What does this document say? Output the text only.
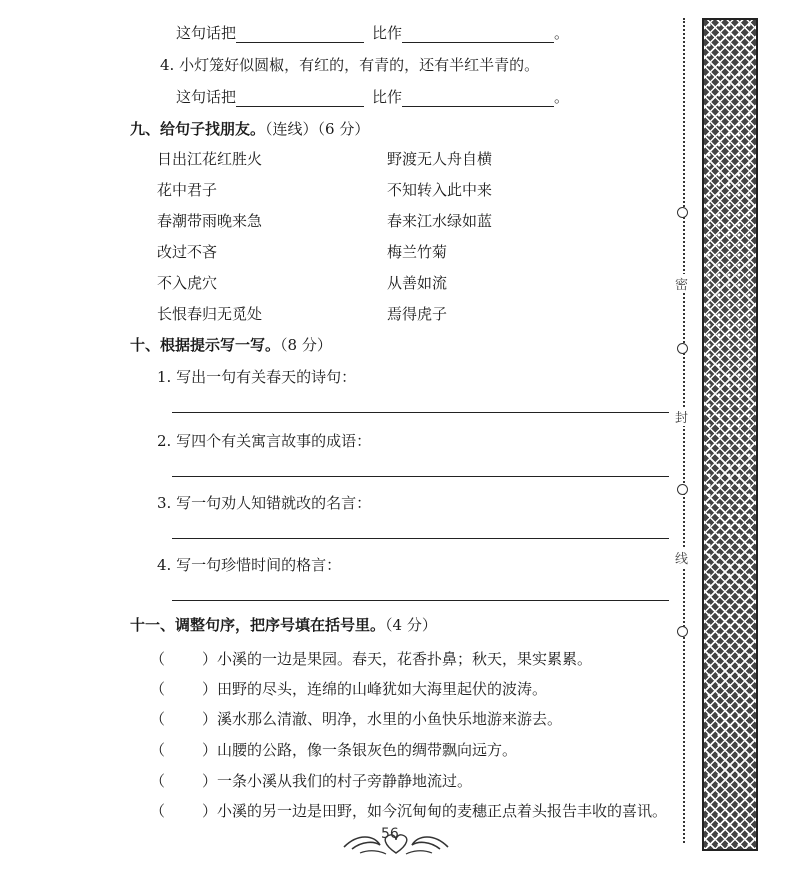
这句话把	比作	。
4. 小灯笼好似圆椒，有红的，有青的，还有半红半青的。
这句话把	比作	。
九、给句子找朋友。（连线）（6 分）
日出江花红胜火
花中君子
春潮带雨晚来急
改过不吝
不入虎穴
长恨春归无觅处
野渡无人舟自横
不知转入此中来
春来江水绿如蓝
梅兰竹菊
从善如流
焉得虎子
十、根据提示写一写。（8 分）
1. 写出一句有关春天的诗句：
2. 写四个有关寓言故事的成语：
3. 写一句劝人知错就改的名言：
4. 写一句珍惜时间的格言：
十一、调整句序，把序号填在括号里。（4 分）
（ ）小溪的一边是果园。春天，花香扑鼻；秋天，果实累累。
（ ）田野的尽头，连绵的山峰犹如大海里起伏的波涛。
（ ）溪水那么清澈、明净，水里的小鱼快乐地游来游去。
（ ）山腰的公路，像一条银灰色的绸带飘向远方。
（ ）一条小溪从我们的村子旁静静地流过。
（ ）小溪的另一边是田野，如今沉甸甸的麦穗正点着头报告丰收的喜讯。
密
封
线
56
